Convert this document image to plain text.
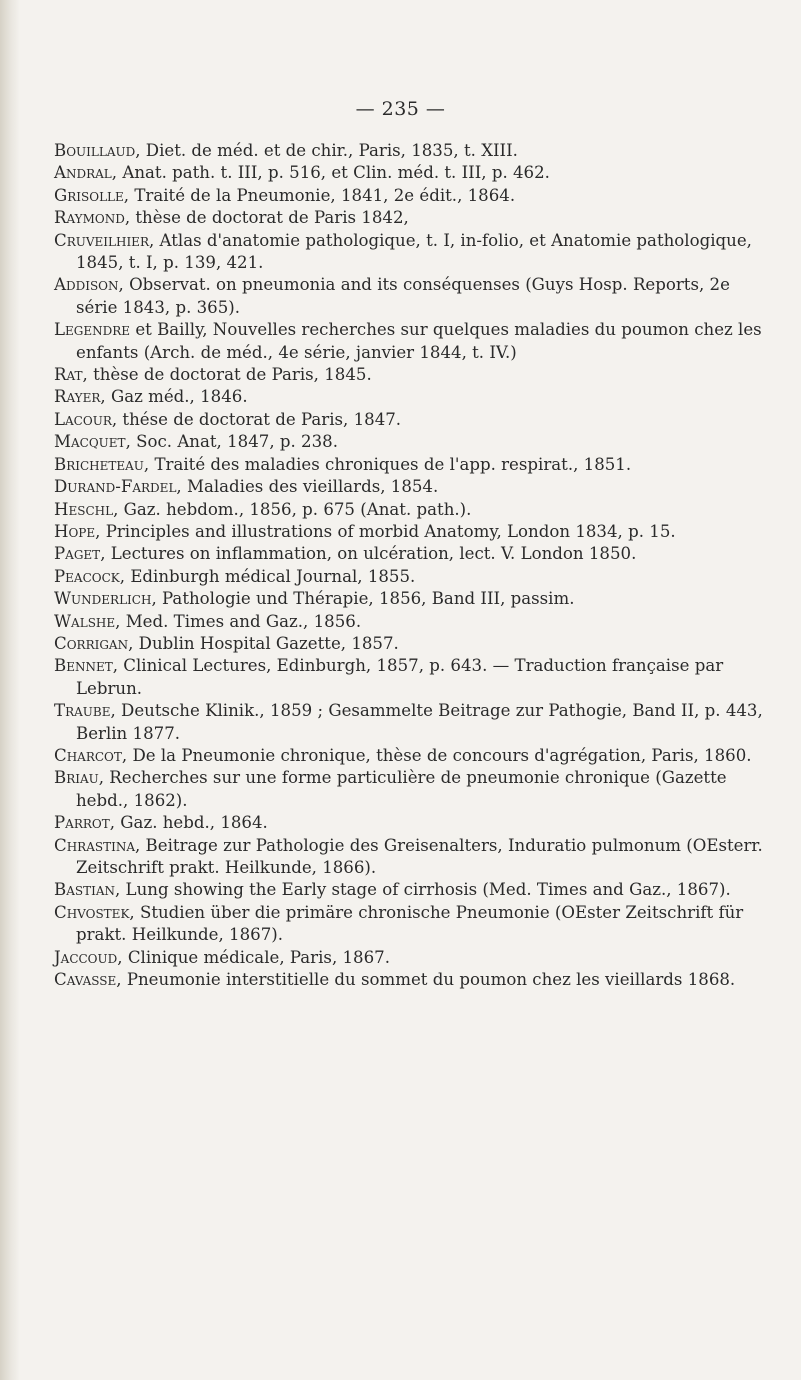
— 235 —
Bouillaud, Diet. de méd. et de chir., Paris, 1835, t. XIII.
Andral, Anat. path. t. III, p. 516, et Clin. méd. t. III, p. 462.
Grisolle, Traité de la Pneumonie, 1841, 2e édit., 1864.
Raymond, thèse de doctorat de Paris 1842,
Cruveilhier, Atlas d'anatomie pathologique, t. I, in-folio, et Anatomie pathologique, 1845, t. I, p. 139, 421.
Addison, Observat. on pneumonia and its conséquenses (Guys Hosp. Reports, 2e série 1843, p. 365).
Legendre et Bailly, Nouvelles recherches sur quelques maladies du poumon chez les enfants (Arch. de méd., 4e série, janvier 1844, t. IV.)
Rat, thèse de doctorat de Paris, 1845.
Rayer, Gaz méd., 1846.
Lacour, thése de doctorat de Paris, 1847.
Macquet, Soc. Anat, 1847, p. 238.
Bricheteau, Traité des maladies chroniques de l'app. respirat., 1851.
Durand-Fardel, Maladies des vieillards, 1854.
Heschl, Gaz. hebdom., 1856, p. 675 (Anat. path.).
Hope, Principles and illustrations of morbid Anatomy, London 1834, p. 15.
Paget, Lectures on inflammation, on ulcération, lect. V. London 1850.
Peacock, Edinburgh médical Journal, 1855.
Wunderlich, Pathologie und Thérapie, 1856, Band III, passim.
Walshe, Med. Times and Gaz., 1856.
Corrigan, Dublin Hospital Gazette, 1857.
Bennet, Clinical Lectures, Edinburgh, 1857, p. 643. — Traduction française par Lebrun.
Traube, Deutsche Klinik., 1859 ; Gesammelte Beitrage zur Pathogie, Band II, p. 443, Berlin 1877.
Charcot, De la Pneumonie chronique, thèse de concours d'agrégation, Paris, 1860.
Briau, Recherches sur une forme particulière de pneumonie chronique (Gazette hebd., 1862).
Parrot, Gaz. hebd., 1864.
Chrastina, Beitrage zur Pathologie des Greisenalters, Induratio pulmonum (OEsterr. Zeitschrift prakt. Heilkunde, 1866).
Bastian, Lung showing the Early stage of cirrhosis (Med. Times and Gaz., 1867).
Chvostek, Studien über die primäre chronische Pneumonie (OEster Zeitschrift für prakt. Heilkunde, 1867).
Jaccoud, Clinique médicale, Paris, 1867.
Cavasse, Pneumonie interstitielle du sommet du poumon chez les vieillards 1868.
